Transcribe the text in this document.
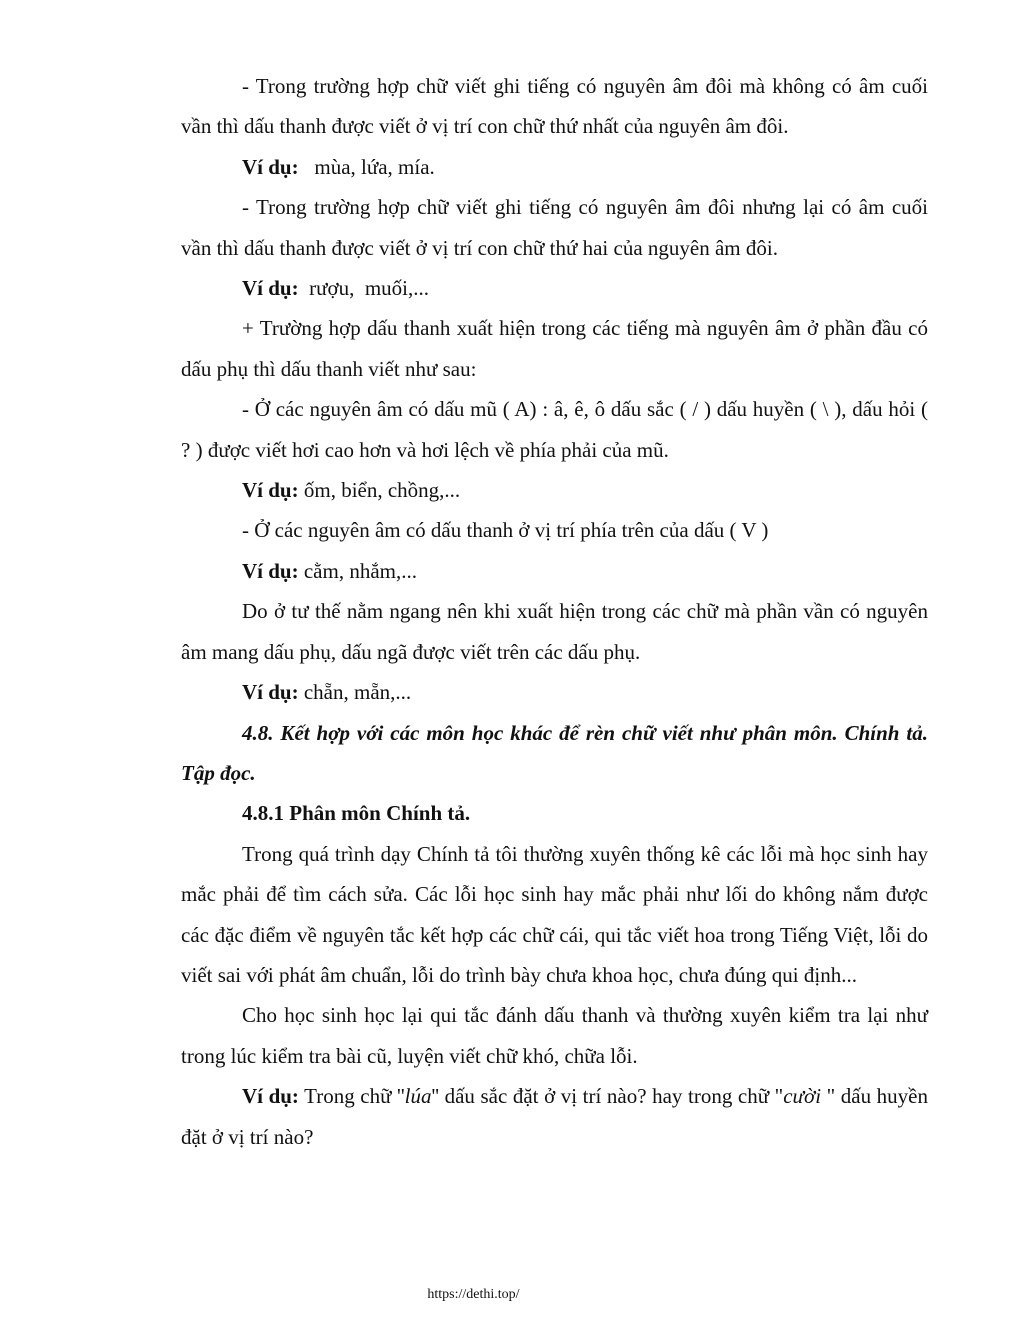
- Trong trường hợp chữ viết ghi tiếng có nguyên âm đôi mà không có âm cuối vần thì dấu thanh được viết ở vị trí con chữ thứ nhất của nguyên âm đôi.

Ví dụ:   mùa, lứa, mía.

- Trong trường hợp chữ viết ghi tiếng có nguyên âm đôi nhưng lại có âm cuối vần thì dấu thanh được viết ở vị trí con chữ thứ hai của nguyên âm đôi.

Ví dụ:  rượu,  muối,...

+ Trường hợp dấu thanh xuất hiện trong các tiếng mà nguyên âm ở phần đầu có dấu phụ thì dấu thanh viết như sau:

- Ở các nguyên âm có dấu mũ ( A) : â, ê, ô dấu sắc ( / ) dấu huyền ( \ ), dấu hỏi ( ? ) được viết hơi cao hơn và hơi lệch về phía phải của mũ.

Ví dụ: ốm, biển, chồng,...

- Ở các nguyên âm có dấu thanh ở vị trí phía trên của dấu ( V )

Ví dụ: cằm, nhắm,...

Do ở tư thế nằm ngang nên khi xuất hiện trong các chữ mà phần vần có nguyên âm mang dấu phụ, dấu ngã được viết trên các dấu phụ.

Ví dụ: chẵn, mẵn,...

4.8. Kết hợp với các môn học khác để rèn chữ viết như phân môn. Chính tả. Tập đọc.

4.8.1 Phân môn Chính tả.

Trong quá trình dạy Chính tả tôi thường xuyên thống kê các lỗi mà học sinh hay mắc phải để tìm cách sửa. Các lỗi học sinh hay mắc phải như lối do không nắm được các đặc điểm về nguyên tắc kết hợp các chữ cái, qui tắc viết hoa trong Tiếng Việt, lỗi do viết sai với phát âm chuẩn, lỗi do trình bày chưa khoa học, chưa đúng qui định...

Cho học sinh học lại qui tắc đánh dấu thanh và thường xuyên kiểm tra lại như trong lúc kiểm tra bài cũ, luyện viết chữ khó, chữa lỗi.

Ví dụ: Trong chữ ''lúa'' dấu sắc đặt ở vị trí nào? hay trong chữ "cười " dấu huyền đặt ở vị trí nào?

https://dethi.top/
